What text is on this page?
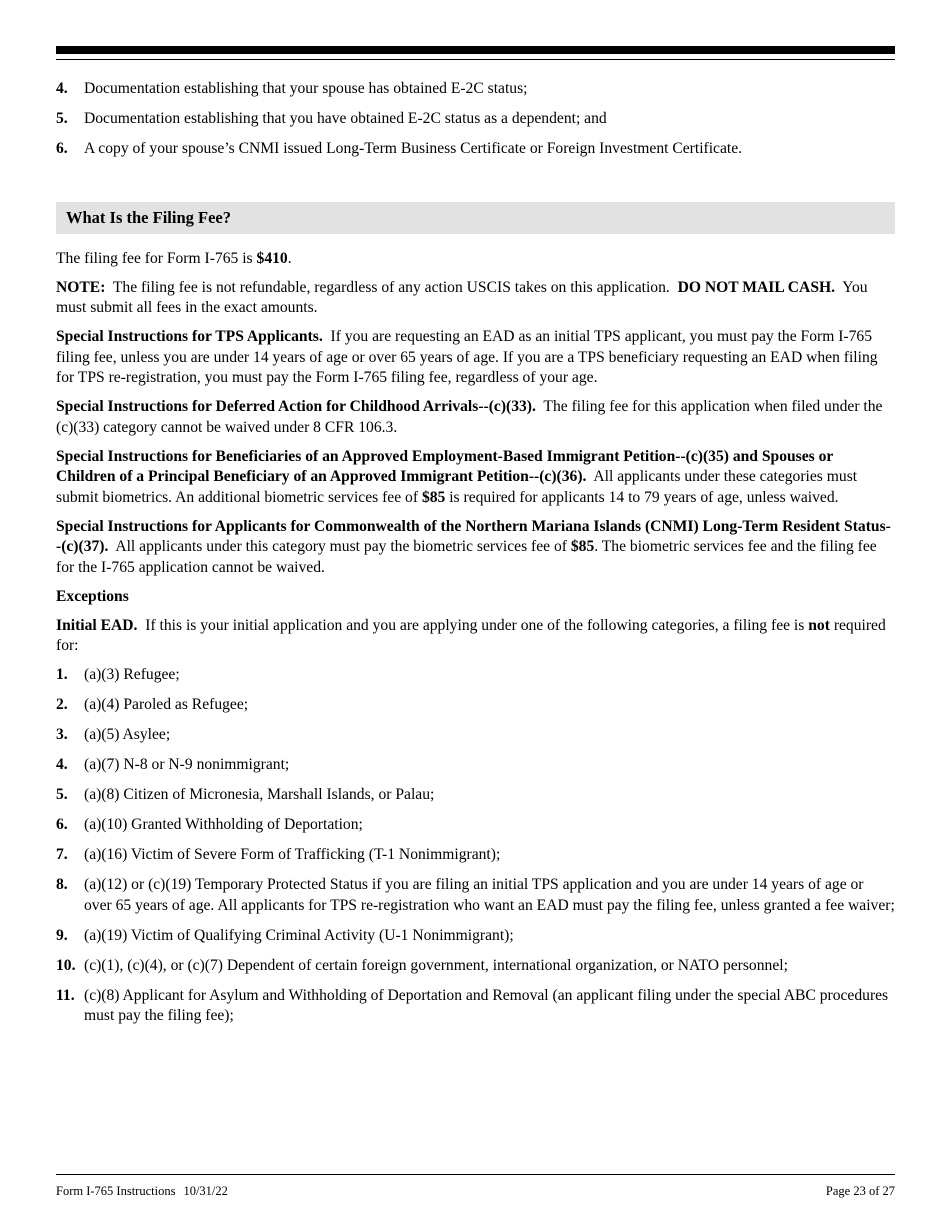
4.	Documentation establishing that your spouse has obtained E-2C status;
5.	Documentation establishing that you have obtained E-2C status as a dependent; and
6.	A copy of your spouse’s CNMI issued Long-Term Business Certificate or Foreign Investment Certificate.
What Is the Filing Fee?
The filing fee for Form I-765 is $410.
NOTE: The filing fee is not refundable, regardless of any action USCIS takes on this application. DO NOT MAIL CASH. You must submit all fees in the exact amounts.
Special Instructions for TPS Applicants. If you are requesting an EAD as an initial TPS applicant, you must pay the Form I-765 filing fee, unless you are under 14 years of age or over 65 years of age. If you are a TPS beneficiary requesting an EAD when filing for TPS re-registration, you must pay the Form I-765 filing fee, regardless of your age.
Special Instructions for Deferred Action for Childhood Arrivals--(c)(33). The filing fee for this application when filed under the (c)(33) category cannot be waived under 8 CFR 106.3.
Special Instructions for Beneficiaries of an Approved Employment-Based Immigrant Petition--(c)(35) and Spouses or Children of a Principal Beneficiary of an Approved Immigrant Petition--(c)(36). All applicants under these categories must submit biometrics. An additional biometric services fee of $85 is required for applicants 14 to 79 years of age, unless waived.
Special Instructions for Applicants for Commonwealth of the Northern Mariana Islands (CNMI) Long-Term Resident Status--(c)(37). All applicants under this category must pay the biometric services fee of $85. The biometric services fee and the filing fee for the I-765 application cannot be waived.
Exceptions
Initial EAD. If this is your initial application and you are applying under one of the following categories, a filing fee is not required for:
1.	(a)(3) Refugee;
2.	(a)(4) Paroled as Refugee;
3.	(a)(5) Asylee;
4.	(a)(7) N-8 or N-9 nonimmigrant;
5.	(a)(8) Citizen of Micronesia, Marshall Islands, or Palau;
6.	(a)(10) Granted Withholding of Deportation;
7.	(a)(16) Victim of Severe Form of Trafficking (T-1 Nonimmigrant);
8.	(a)(12) or (c)(19) Temporary Protected Status if you are filing an initial TPS application and you are under 14 years of age or over 65 years of age. All applicants for TPS re-registration who want an EAD must pay the filing fee, unless granted a fee waiver;
9.	(a)(19) Victim of Qualifying Criminal Activity (U-1 Nonimmigrant);
10. (c)(1), (c)(4), or (c)(7) Dependent of certain foreign government, international organization, or NATO personnel;
11. (c)(8) Applicant for Asylum and Withholding of Deportation and Removal (an applicant filing under the special ABC procedures must pay the filing fee);
Form I-765 Instructions 10/31/22	Page 23 of 27
